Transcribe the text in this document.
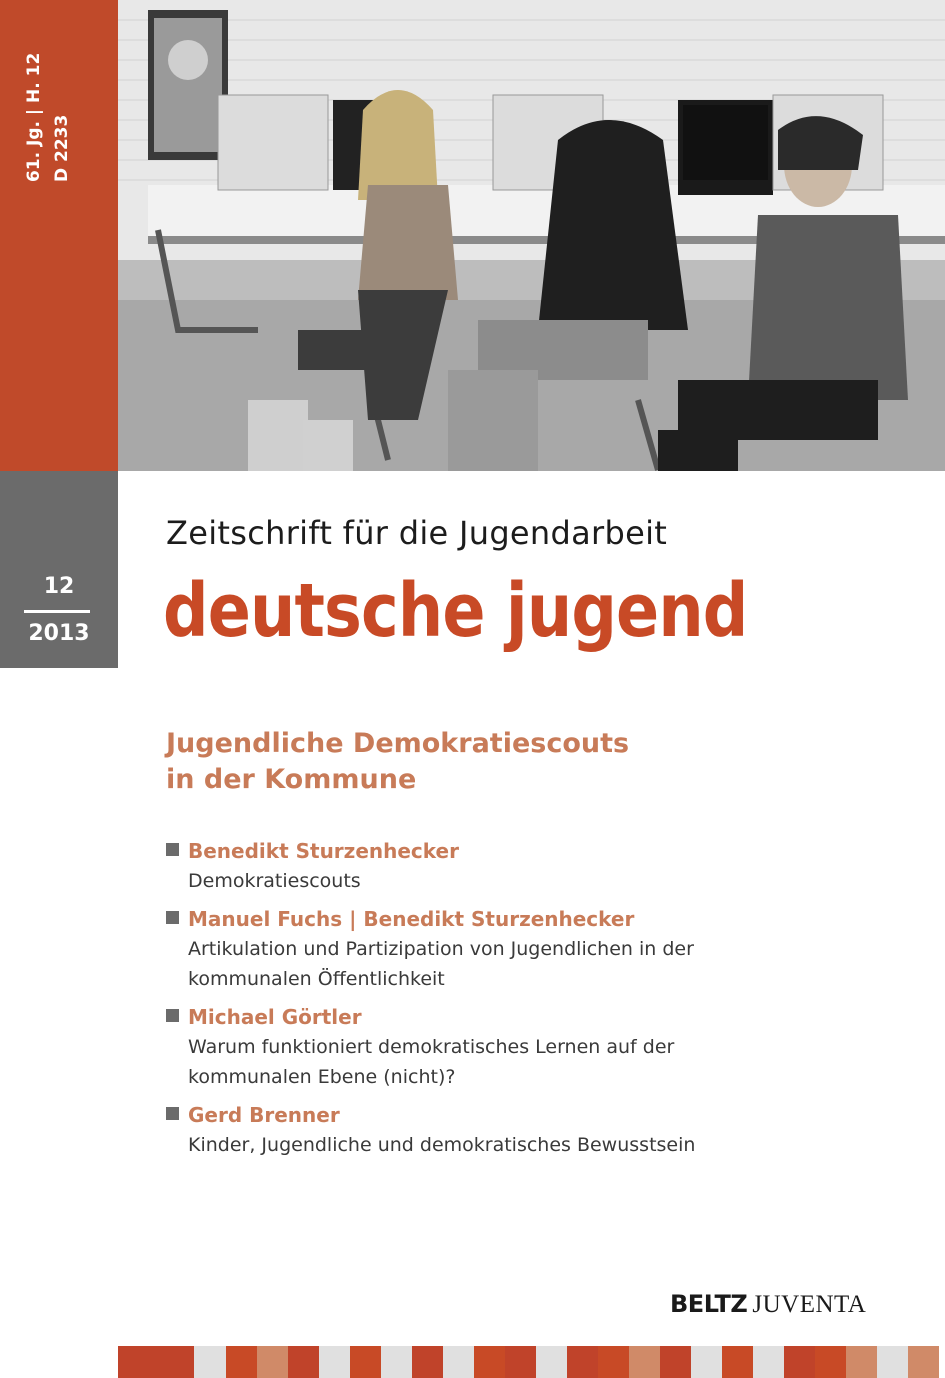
61. Jg. | H. 12 D 2233
12
2013
Zeitschrift für die Jugendarbeit
deutsche jugend
Jugendliche Demokratiescouts
in der Kommune
Benedikt Sturzenhecker
Demokratiescouts
Manuel Fuchs | Benedikt Sturzenhecker
Artikulation und Partizipation von Jugendlichen in der
kommunalen Öffentlichkeit
Michael Görtler
Warum funktioniert demokratisches Lernen auf der
kommunalen Ebene (nicht)?
Gerd Brenner
Kinder, Jugendliche und demokratisches Bewusstsein
BELTZ JUVENTA
